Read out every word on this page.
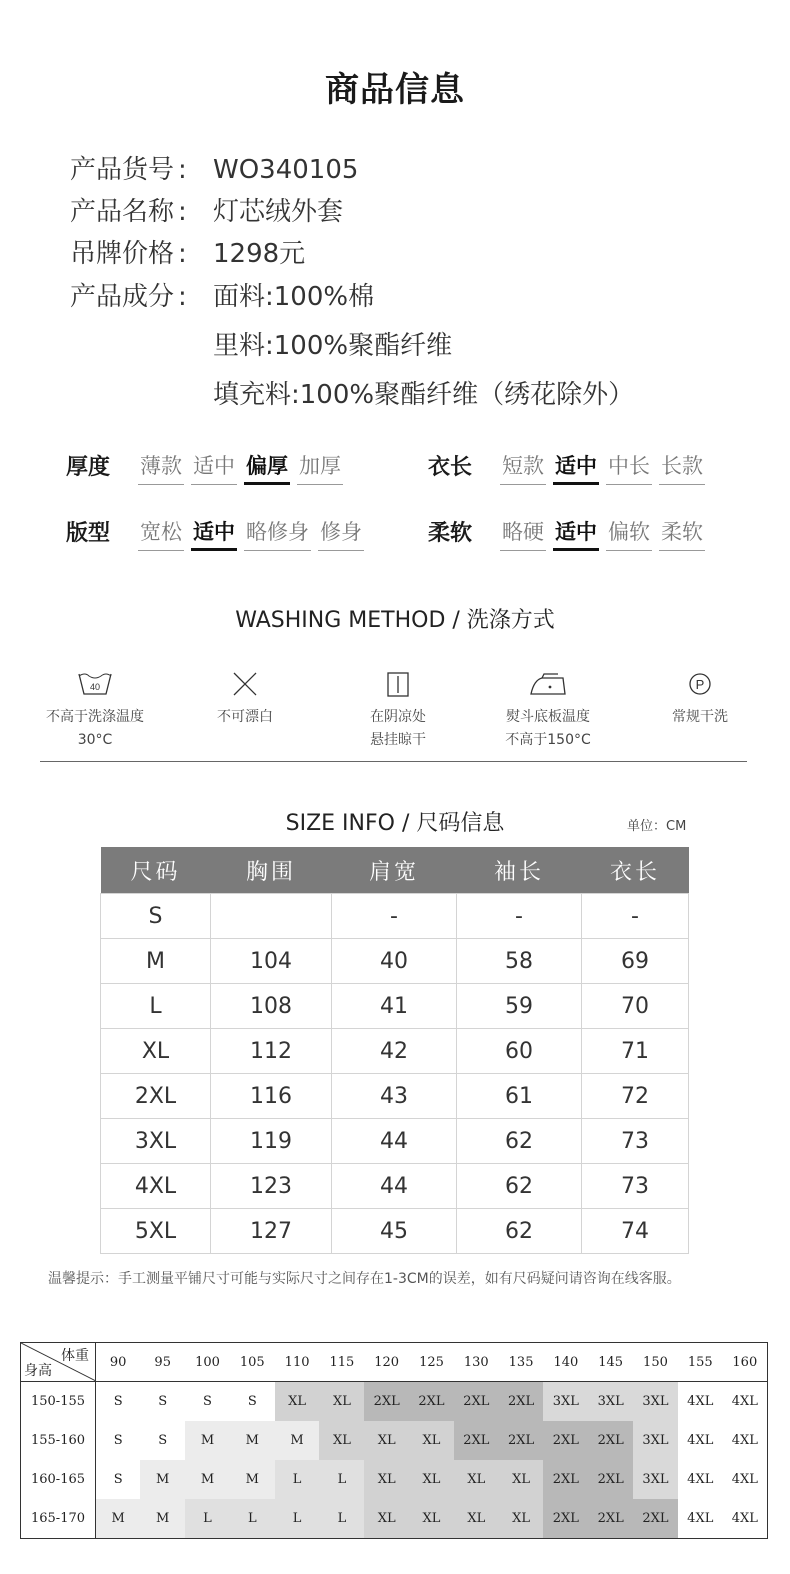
商品信息
产品货号 : WO340105
产品名称 : 灯芯绒外套
吊牌价格 : 1298元
产品成分 : 面料:100%棉
里料:100%聚酯纤维
填充料:100%聚酯纤维（绣花除外）
厚度 薄款 适中 偏厚 加厚	衣长 短款 适中 中长 长款
版型 宽松 适中 略修身 修身	柔软 略硬 适中 偏软 柔软
WASHING METHOD / 洗涤方式
40
不高于洗涤温度
30°C
不可漂白	在阴凉处
悬挂晾干
熨斗底板温度
不高于150°C
P
常规干洗
SIZE INFO / 尺码信息	单位：CM
尺码	胸围	肩宽	袖长	衣长
S		-	-	-
M	104	40	58	69
L	108	41	59	70
XL	112	42	60	71
2XL	116	43	61	72
3XL	119	44	62	73
4XL	123	44	62	73
5XL	127	45	62	74
温馨提示：手工测量平铺尺寸可能与实际尺寸之间存在1-3CM的误差，如有尺码疑问请咨询在线客服。
体重
身高	90	95	100	105	110	115	120	125	130	135	140	145	150	155	160
150-155	S	S	S	S	XL	XL	2XL	2XL	2XL	2XL	3XL	3XL	3XL	4XL	4XL
155-160	S	S	M	M	M	XL	XL	XL	2XL	2XL	2XL	2XL	3XL	4XL	4XL
160-165	S	M	M	M	L	L	XL	XL	XL	XL	2XL	2XL	3XL	4XL	4XL
165-170	M	M	L	L	L	L	XL	XL	XL	XL	2XL	2XL	2XL	4XL	4XL
